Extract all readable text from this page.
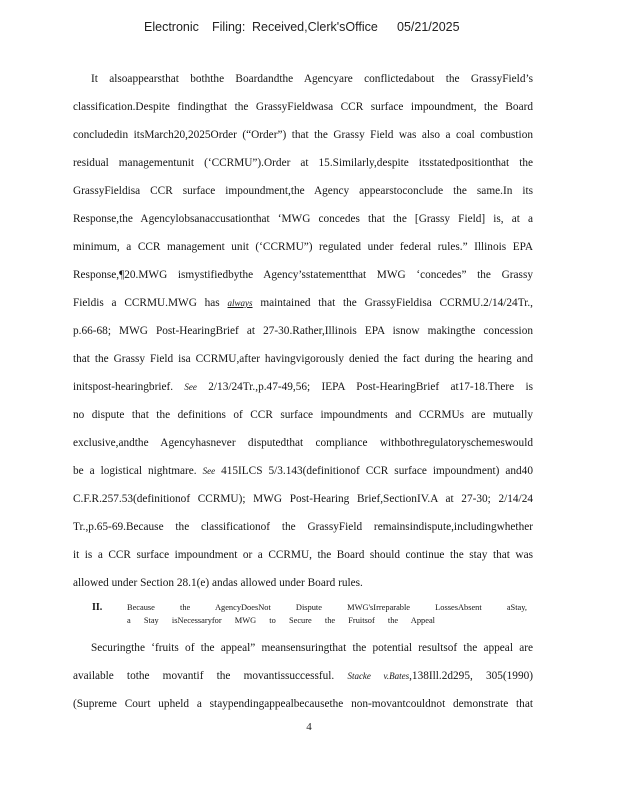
Electronic Filing: Received,Clerk'sOffice 05/21/2025
It alsoappearsthat boththe Boardandthe Agencyare conflictedabout the GrassyField’s
classification.Despite findingthat the GrassyFieldwasa CCR surface impoundment, the Board
concludedin itsMarch20,2025Order (“Order”) that the Grassy Field was also a coal combustion
residual managementunit (‘CCRMU”).Order at 15.Similarly,despite itsstatedpositionthat the
GrassyFieldisa CCR surface impoundment,the Agency appearstoconclude the same.In its
Response,the Agencylobsanaccusationthat ‘MWG concedes that the [Grassy Field] is, at a
minimum, a CCR management unit (‘CCRMU”) regulated under federal rules.” Illinois EPA
Response,¶20.MWG ismystifiedbythe Agency’sstatementthat MWG ‘concedes” the Grassy
Fieldis a CCRMU.MWG has always maintained that the GrassyFieldisa CCRMU.2/14/24Tr.,
p.66-68; MWG Post-HearingBrief at 27-30.Rather,Illinois EPA isnow makingthe concession
that the Grassy Field isa CCRMU,after havingvigorously denied the fact during the hearing and
initspost-hearingbrief. See 2/13/24Tr.,p.47-49,56; IEPA Post-HearingBrief at17-18.There is
no dispute that the definitions of CCR surface impoundments and CCRMUs are mutually
exclusive,andthe Agencyhasnever disputedthat compliance withbothregulatoryschemeswould
be a logistical nightmare. See 415ILCS 5/3.143(definitionof CCR surface impoundment) and40
C.F.R.257.53(definitionof CCRMU); MWG Post-Hearing Brief,SectionIV.A at 27-30; 2/14/24
Tr.,p.65-69.Because the classificationof the GrassyField remainsindispute,includingwhether
it is a CCR surface impoundment or a CCRMU, the Board should continue the stay that was
allowed under Section 28.1(e) andas allowed under Board rules.
II.	Because the AgencyDoesNot Dispute MWG'sIrreparable LossesAbsent aStay,
a Stay isNecessaryfor MWG to Secure the Fruitsof the Appeal
Securingthe ‘fruits of the appeal” meansensuringthat the potential resultsof the appeal are
available tothe movantif the movantissuccessful. Stacke v.Bates,138Ill.2d295, 305(1990)
(Supreme Court upheld a staypendingappealbecausethe non-movantcouldnot demonstrate that
4
